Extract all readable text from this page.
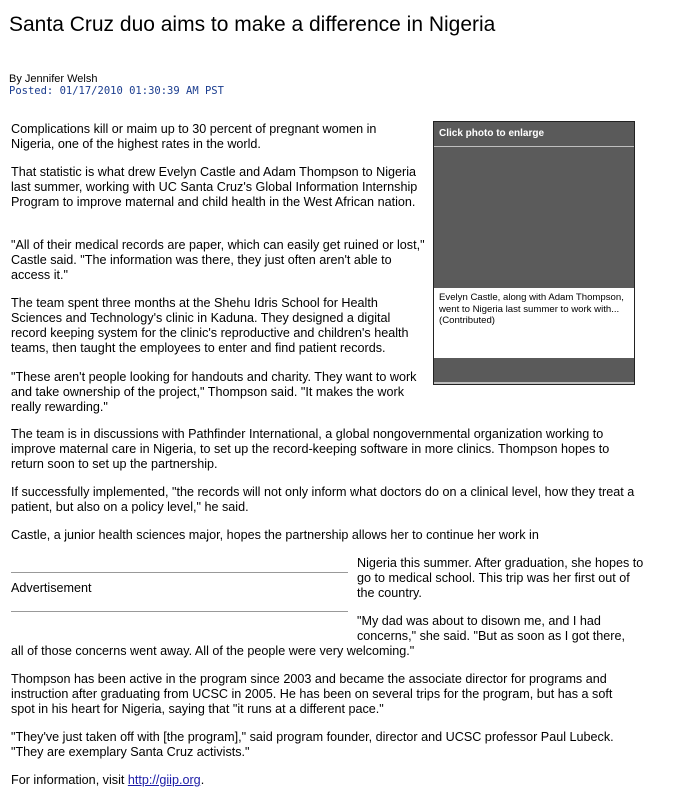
Santa Cruz duo aims to make a difference in Nigeria
By Jennifer Welsh
Posted: 01/17/2010 01:30:39 AM PST

Complications kill or maim up to 30 percent of pregnant women in Nigeria, one of the highest rates in the world.

That statistic is what drew Evelyn Castle and Adam Thompson to Nigeria last summer, working with UC Santa Cruz's Global Information Internship Program to improve maternal and child health in the West African nation.

"All of their medical records are paper, which can easily get ruined or lost," Castle said. "The information was there, they just often aren't able to access it."

The team spent three months at the Shehu Idris School for Health Sciences and Technology's clinic in Kaduna. They designed a digital record keeping system for the clinic's reproductive and children's health teams, then taught the employees to enter and find patient records.

"These aren't people looking for handouts and charity. They want to work and take ownership of the project," Thompson said. "It makes the work really rewarding."

Click photo to enlarge
Evelyn Castle, along with Adam Thompson, went to Nigeria last summer to work with... (Contributed)

The team is in discussions with Pathfinder International, a global nongovernmental organization working to improve maternal care in Nigeria, to set up the record-keeping software in more clinics. Thompson hopes to return soon to set up the partnership.

If successfully implemented, "the records will not only inform what doctors do on a clinical level, how they treat a patient, but also on a policy level," he said.

Castle, a junior health sciences major, hopes the partnership allows her to continue her work in

Advertisement

Nigeria this summer. After graduation, she hopes to go to medical school. This trip was her first out of the country.

"My dad was about to disown me, and I had concerns," she said. "But as soon as I got there,

all of those concerns went away. All of the people were very welcoming."

Thompson has been active in the program since 2003 and became the associate director for programs and instruction after graduating from UCSC in 2005. He has been on several trips for the program, but has a soft spot in his heart for Nigeria, saying that "it runs at a different pace."

"They've just taken off with [the program]," said program founder, director and UCSC professor Paul Lubeck. "They are exemplary Santa Cruz activists."

For information, visit http://giip.org.
